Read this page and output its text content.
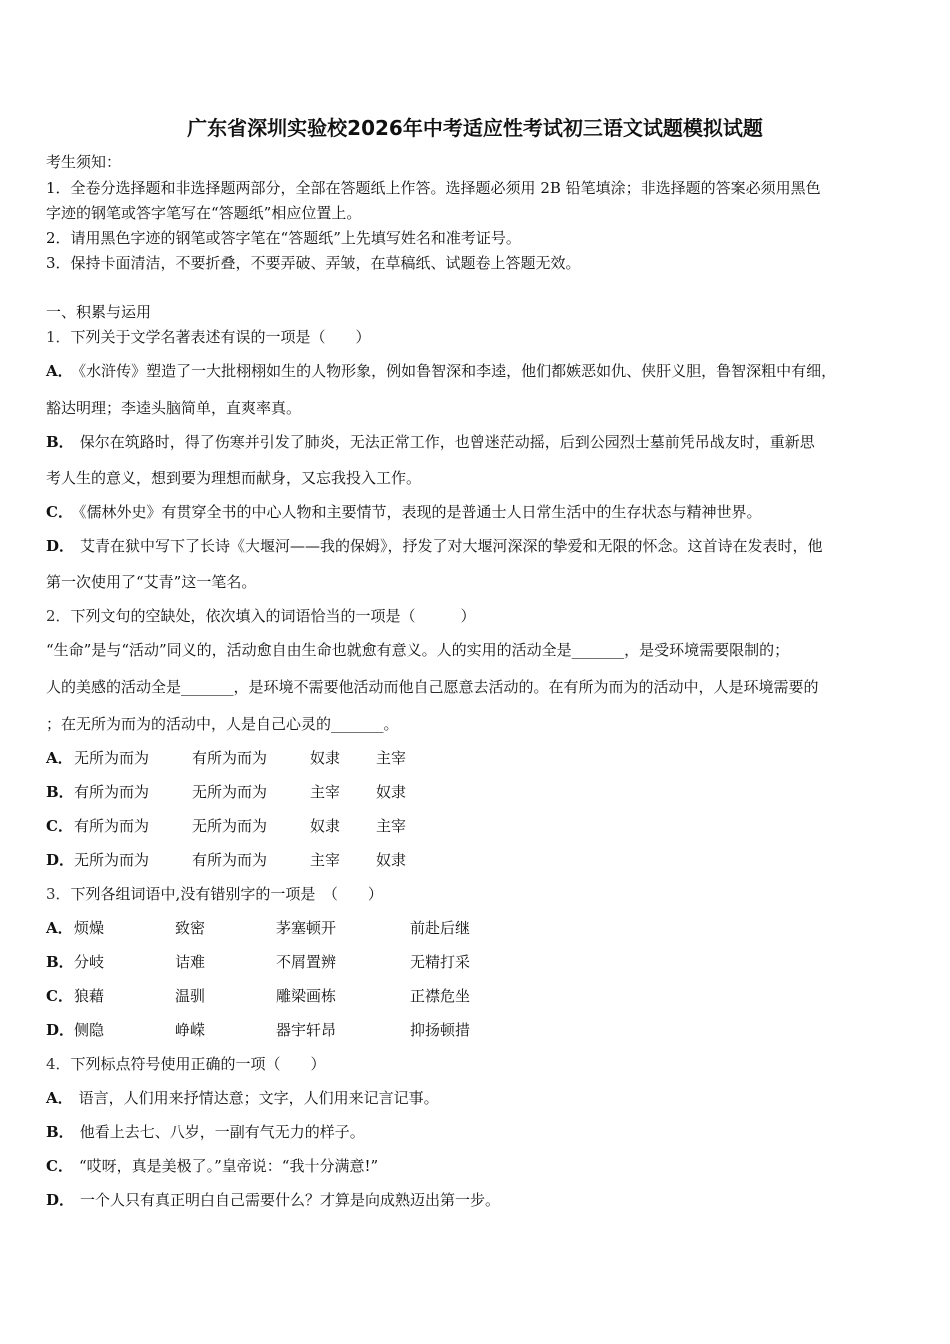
广东省深圳实验校2026年中考适应性考试初三语文试题模拟试题
考生须知：
1．全卷分选择题和非选择题两部分，全部在答题纸上作答。选择题必须用 2B 铅笔填涂；非选择题的答案必须用黑色
字迹的钢笔或答字笔写在“答题纸”相应位置上。
2．请用黑色字迹的钢笔或答字笔在“答题纸”上先填写姓名和准考证号。
3．保持卡面清洁，不要折叠，不要弄破、弄皱，在草稿纸、试题卷上答题无效。
一、积累与运用
1．下列关于文学名著表述有误的一项是（　　）
A． 《水浒传》塑造了一大批栩栩如生的人物形象，例如鲁智深和李逵，他们都嫉恶如仇、侠肝义胆，鲁智深粗中有细，
豁达明理；李逵头脑简单，直爽率真。
B． 保尔在筑路时，得了伤寒并引发了肺炎，无法正常工作，也曾迷茫动摇，后到公园烈士墓前凭吊战友时，重新思
考人生的意义，想到要为理想而献身，又忘我投入工作。
C． 《儒林外史》有贯穿全书的中心人物和主要情节，表现的是普通士人日常生活中的生存状态与精神世界。
D． 艾青在狱中写下了长诗《大堰河——我的保姆》，抒发了对大堰河深深的挚爱和无限的怀念。这首诗在发表时，他
第一次使用了“艾青”这一笔名。
2．下列文句的空缺处，依次填入的词语恰当的一项是（　　　）
“生命”是与“活动”同义的，活动愈自由生命也就愈有意义。人的实用的活动全是_______，是受环境需要限制的；
人的美感的活动全是_______，是环境不需要他活动而他自己愿意去活动的。在有所为而为的活动中，人是环境需要的
；在无所为而为的活动中，人是自己心灵的_______。
A． 无所为而为	有所为而为	奴隶 主宰
B． 有所为而为	无所为而为	主宰 奴隶
C． 有所为而为	无所为而为	奴隶 主宰
D． 无所为而为	有所为而为	主宰 奴隶
3．下列各组词语中,没有错别字的一项是　（　　）
A． 烦燥	致密	茅塞顿开	前赴后继
B． 分岐	诘难	不屑置辨	无精打采
C． 狼藉	温驯	雕梁画栋	正襟危坐
D． 侧隐	峥嵘	器宇轩昂	抑扬顿措
4．下列标点符号使用正确的一项（　　）
A． 语言，人们用来抒情达意；文字，人们用来记言记事。
B． 他看上去七、八岁，一副有气无力的样子。
C． “哎呀，真是美极了。”皇帝说：“我十分满意!”
D． 一个人只有真正明白自己需要什么？才算是向成熟迈出第一步。
